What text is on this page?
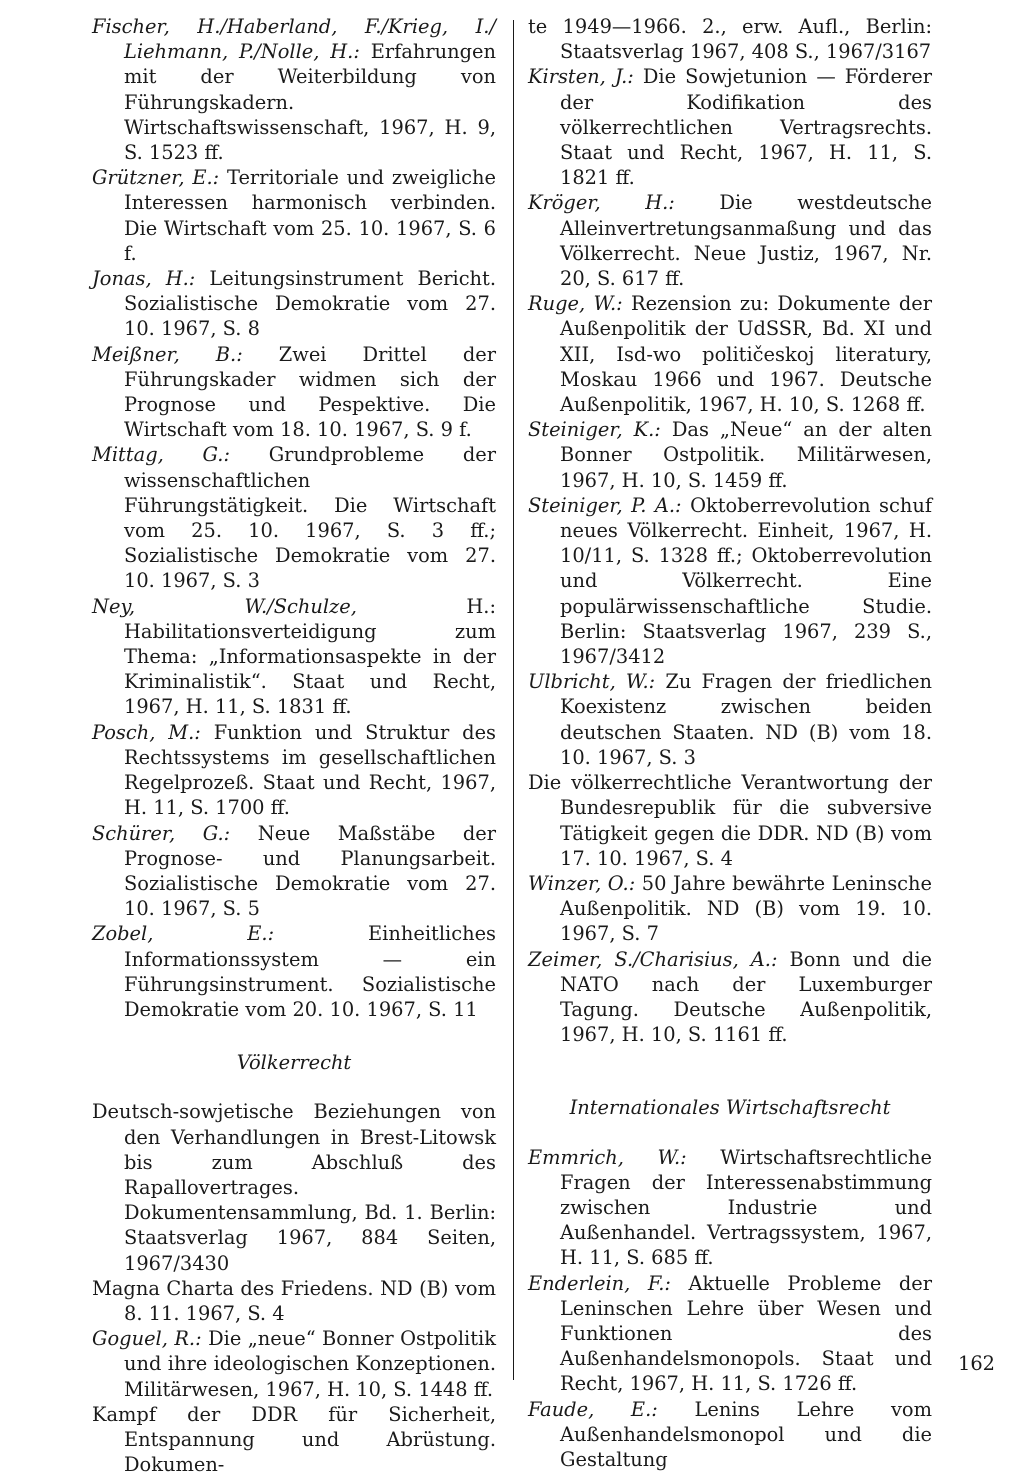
Fischer, H./Haberland, F./Krieg, I./ Liehmann, P./Nolle, H.: Erfahrungen mit der Weiterbildung von Führungskadern. Wirtschaftswissenschaft, 1967, H. 9, S. 1523 ff.

Grützner, E.: Territoriale und zweigliche Interessen harmonisch verbinden. Die Wirtschaft vom 25. 10. 1967, S. 6 f.

Jonas, H.: Leitungsinstrument Bericht. Sozialistische Demokratie vom 27. 10. 1967, S. 8

Meißner, B.: Zwei Drittel der Führungskader widmen sich der Prognose und Pespektive. Die Wirtschaft vom 18. 10. 1967, S. 9 f.

Mittag, G.: Grundprobleme der wissenschaftlichen Führungstätigkeit. Die Wirtschaft vom 25. 10. 1967, S. 3 ff.; Sozialistische Demokratie vom 27. 10. 1967, S. 3

Ney, W./Schulze,	H.: Habilitationsverteidigung zum Thema: „Informationsaspekte in der Kriminalistik“. Staat und Recht, 1967, H. 11, S. 1831 ff.

Posch, M.: Funktion und Struktur des Rechtssystems im gesellschaftlichen Regelprozeß. Staat und Recht, 1967, H. 11, S. 1700 ff.

Schürer, G.: Neue Maßstäbe der Prognose- und Planungsarbeit. Sozialistische Demokratie vom 27. 10. 1967, S. 5

Zobel, E.:	Einheitliches Informationssystem — ein Führungsinstrument. Sozialistische Demokratie vom 20. 10. 1967, S. 11

Völkerrecht

Deutsch-sowjetische Beziehungen von den Verhandlungen in Brest-Litowsk bis zum Abschluß des Rapallovertrages. Dokumentensammlung, Bd. 1. Berlin: Staatsverlag 1967, 884 Seiten, 1967/3430

Magna Charta des Friedens. ND (B) vom 8. 11. 1967, S. 4

Goguel, R.: Die „neue“ Bonner Ostpolitik und ihre ideologischen Konzeptionen. Militärwesen, 1967, H. 10, S. 1448 ff.

Kampf der DDR für Sicherheit, Entspannung und Abrüstung. Dokumen-

te 1949—1966. 2., erw. Aufl., Berlin: Staatsverlag 1967, 408 S., 1967/3167

Kirsten, J.: Die Sowjetunion — Förderer der Kodifikation des völkerrechtlichen Vertragsrechts. Staat und Recht, 1967, H. 11, S. 1821 ff.

Kröger, H.: Die westdeutsche Alleinvertretungsanmaßung und das Völkerrecht. Neue Justiz, 1967, Nr. 20, S. 617 ff.

Ruge, W.: Rezension zu: Dokumente der Außenpolitik der UdSSR, Bd. XI und XII, Isd-wo političeskoj literatury, Moskau 1966 und 1967. Deutsche Außenpolitik, 1967, H. 10, S. 1268 ff.

Steiniger, K.: Das „Neue“ an der alten Bonner Ostpolitik. Militärwesen, 1967, H. 10, S. 1459 ff.

Steiniger, P. A.: Oktoberrevolution schuf neues Völkerrecht. Einheit, 1967, H. 10/11, S. 1328 ff.; Oktoberrevolution und Völkerrecht. Eine populärwissenschaftliche Studie. Berlin: Staatsverlag 1967, 239 S., 1967/3412

Ulbricht, W.: Zu Fragen der friedlichen Koexistenz zwischen beiden deutschen Staaten. ND (B) vom 18. 10. 1967, S. 3

Die völkerrechtliche Verantwortung der Bundesrepublik für die subversive Tätigkeit gegen die DDR. ND (B) vom 17. 10. 1967, S. 4

Winzer, O.: 50 Jahre bewährte Leninsche Außenpolitik. ND (B) vom 19. 10. 1967, S. 7

Zeimer, S./Charisius, A.: Bonn und die NATO nach der Luxemburger Tagung. Deutsche Außenpolitik, 1967, H. 10, S. 1161 ff.

Internationales Wirtschaftsrecht

Emmrich, W.: Wirtschaftsrechtliche Fragen der Interessenabstimmung zwischen Industrie und Außenhandel. Vertragssystem, 1967, H. 11, S. 685 ff.

Enderlein, F.: Aktuelle Probleme der Leninschen Lehre über Wesen und Funktionen des Außenhandelsmonopols. Staat und Recht, 1967, H. 11, S. 1726 ff.

Faude, E.: Lenins Lehre vom Außenhandelsmonopol und die Gestaltung

162
